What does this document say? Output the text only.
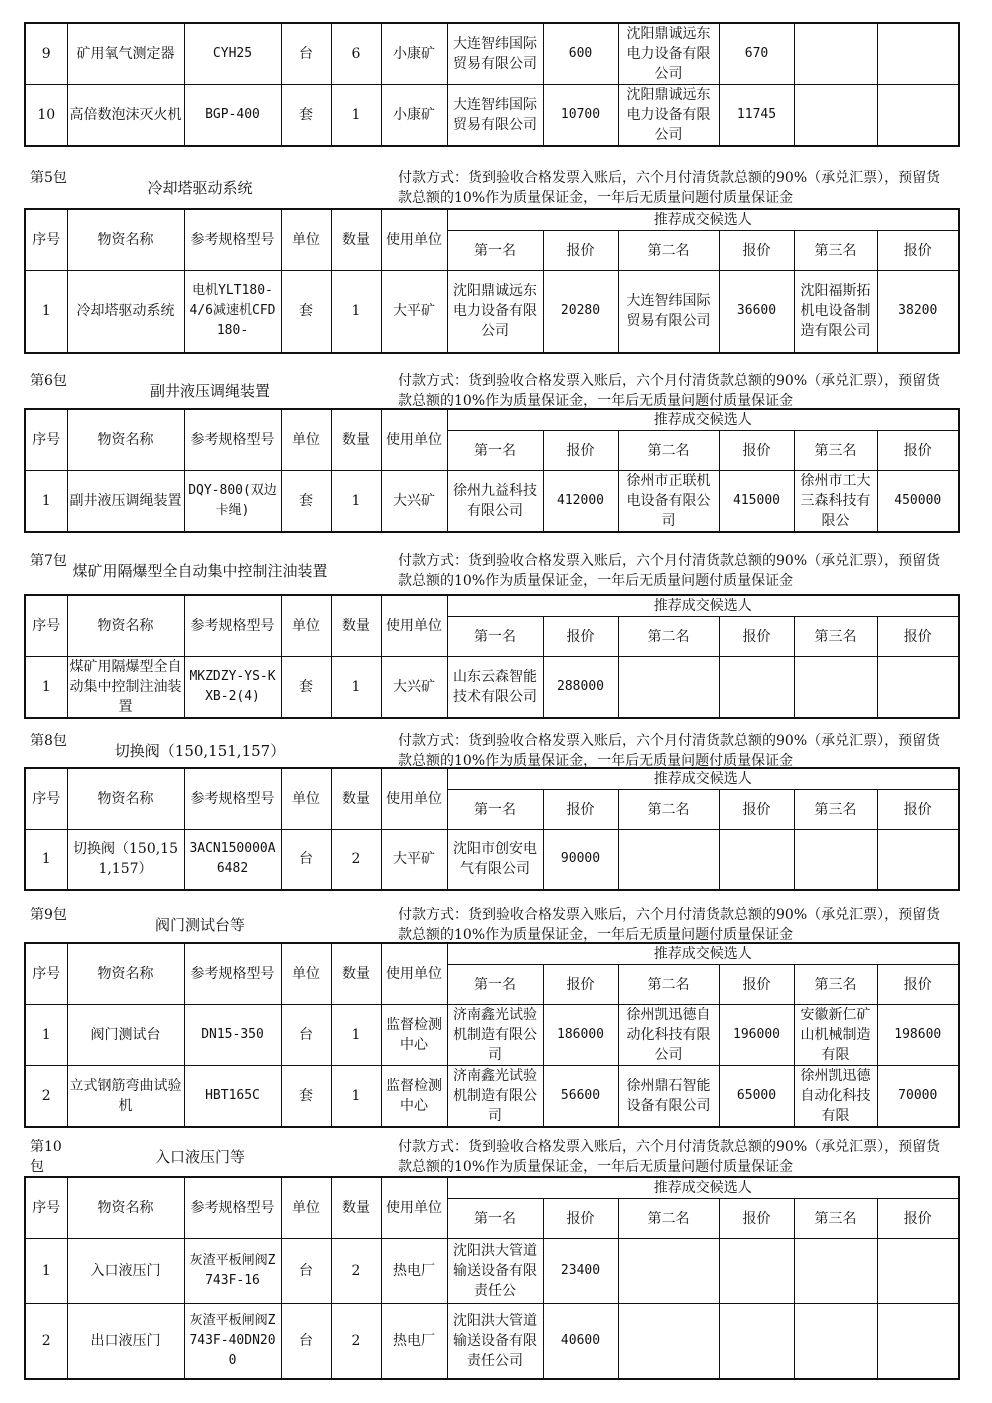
9	矿用氧气测定器	CYH25	台	6	小康矿	大连智纬国际贸易有限公司	600	沈阳鼎诚远东电力设备有限公司	670		
10	高倍数泡沫灭火机	BGP-400	套	1	小康矿	大连智纬国际贸易有限公司	10700	沈阳鼎诚远东电力设备有限公司	11745		
第5包
冷却塔驱动系统
付款方式：货到验收合格发票入账后，六个月付清货款总额的90%（承兑汇票），预留货款总额的10%作为质量保证金，一年后无质量问题付质量保证金
序号	物资名称	参考规格型号	单位	数量	使用单位	推荐成交候选人					
						第一名	报价	第二名	报价	第三名	报价
1	冷却塔驱动系统	电机YLT180-4/6减速机CFD180-	套	1	大平矿	沈阳鼎诚远东电力设备有限公司	20280	大连智纬国际贸易有限公司	36600	沈阳福斯拓机电设备制造有限公司	38200
第6包
副井液压调绳装置
付款方式：货到验收合格发票入账后，六个月付清货款总额的90%（承兑汇票），预留货款总额的10%作为质量保证金，一年后无质量问题付质量保证金
序号	物资名称	参考规格型号	单位	数量	使用单位	推荐成交候选人					
						第一名	报价	第二名	报价	第三名	报价
1	副井液压调绳装置	DQY-800(双边卡绳)	套	1	大兴矿	徐州九益科技有限公司	412000	徐州市正联机电设备有限公司	415000	徐州市工大三森科技有限公	450000
第7包
煤矿用隔爆型全自动集中控制注油装置
付款方式：货到验收合格发票入账后，六个月付清货款总额的90%（承兑汇票），预留货款总额的10%作为质量保证金，一年后无质量问题付质量保证金
序号	物资名称	参考规格型号	单位	数量	使用单位	推荐成交候选人					
						第一名	报价	第二名	报价	第三名	报价
1	煤矿用隔爆型全自动集中控制注油装置	MKZDZY-YS-KXB-2(4)	套	1	大兴矿	山东云森智能技术有限公司	288000				
第8包
切换阀（150,151,157）
付款方式：货到验收合格发票入账后，六个月付清货款总额的90%（承兑汇票），预留货款总额的10%作为质量保证金，一年后无质量问题付质量保证金
序号	物资名称	参考规格型号	单位	数量	使用单位	推荐成交候选人					
						第一名	报价	第二名	报价	第三名	报价
1	切换阀（150,151,157）	3ACN150000A6482	台	2	大平矿	沈阳市创安电气有限公司	90000				
第9包
阀门测试台等
付款方式：货到验收合格发票入账后，六个月付清货款总额的90%（承兑汇票），预留货款总额的10%作为质量保证金，一年后无质量问题付质量保证金
序号	物资名称	参考规格型号	单位	数量	使用单位	推荐成交候选人					
						第一名	报价	第二名	报价	第三名	报价
1	阀门测试台	DN15-350	台	1	监督检测中心	济南鑫光试验机制造有限公司	186000	徐州凯迅德自动化科技有限公司	196000	安徽新仁矿山机械制造有限	198600
2	立式钢筋弯曲试验机	HBT165C	套	1	监督检测中心	济南鑫光试验机制造有限公司	56600	徐州鼎石智能设备有限公司	65000	徐州凯迅德自动化科技有限	70000
第10包
入口液压门等
付款方式：货到验收合格发票入账后，六个月付清货款总额的90%（承兑汇票），预留货款总额的10%作为质量保证金，一年后无质量问题付质量保证金
序号	物资名称	参考规格型号	单位	数量	使用单位	推荐成交候选人					
						第一名	报价	第二名	报价	第三名	报价
1	入口液压门	灰渣平板闸阀Z743F-16	台	2	热电厂	沈阳洪大管道输送设备有限责任公	23400				
2	出口液压门	灰渣平板闸阀Z743F-40DN200	台	2	热电厂	沈阳洪大管道输送设备有限责任公司	40600				
